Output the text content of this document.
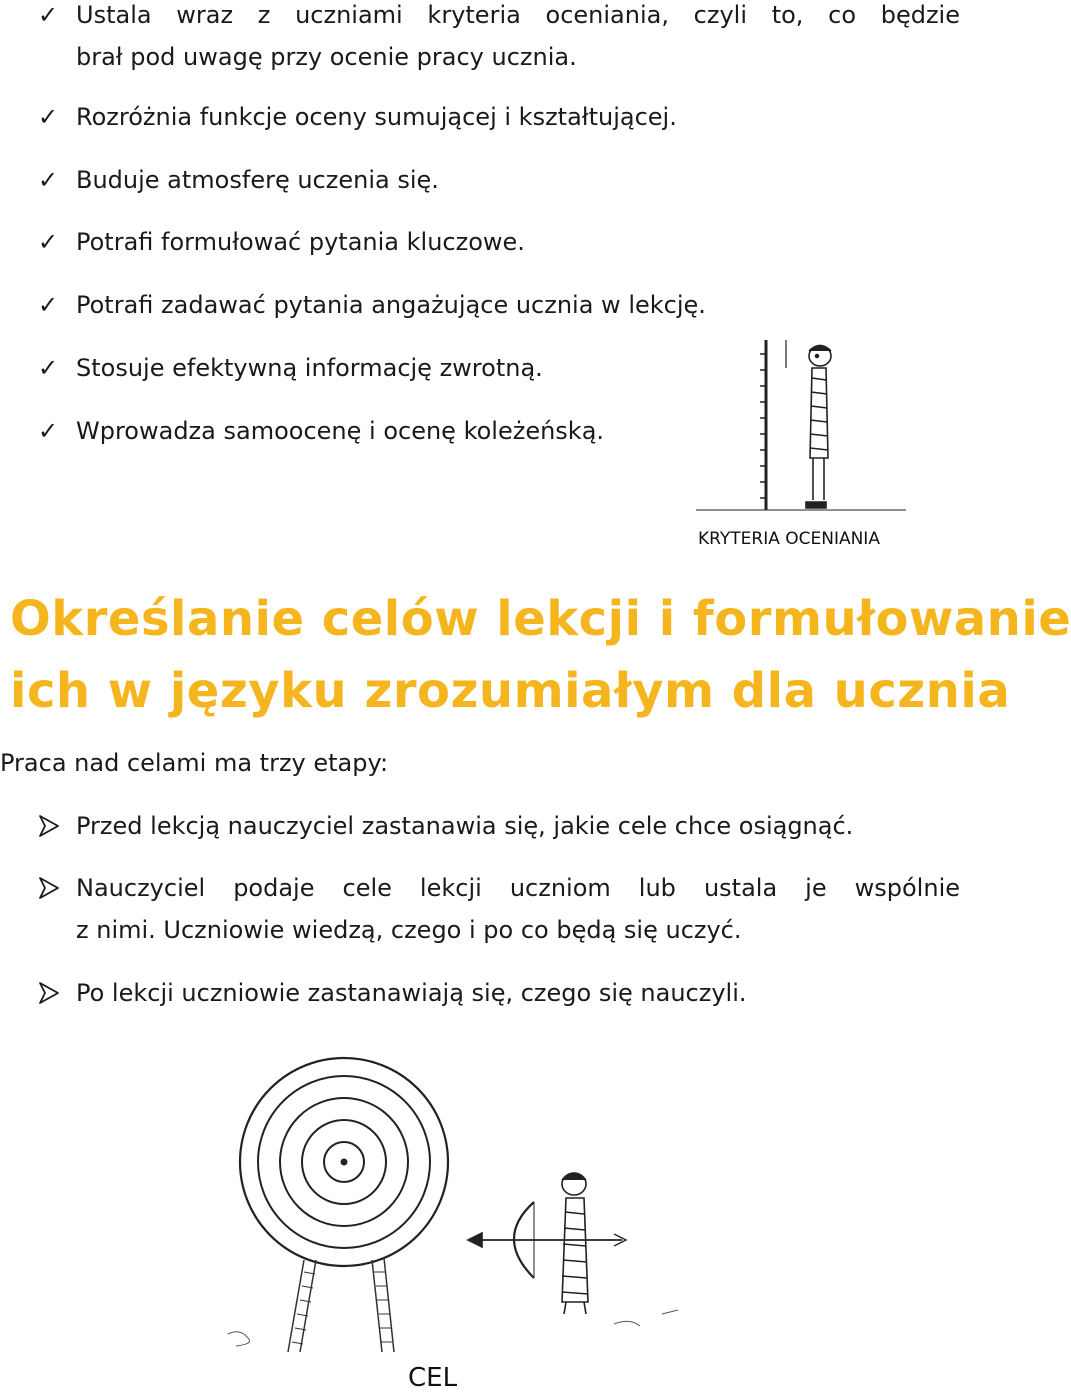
✓ Ustala wraz z uczniami kryteria oceniania, czyli to, co będzie
brał pod uwagę przy ocenie pracy ucznia.
✓ Rozróżnia funkcje oceny sumującej i kształtującej.
✓ Buduje atmosferę uczenia się.
✓ Potrafi formułować pytania kluczowe.
✓ Potrafi zadawać pytania angażujące ucznia w lekcję.
✓ Stosuje efektywną informację zwrotną.
✓ Wprowadza samoocenę i ocenę koleżeńską.
KRYTERIA OCENIANIA
Określanie celów lekcji i formułowanie
ich w języku zrozumiałym dla ucznia
Praca nad celami ma trzy etapy:
Przed lekcją nauczyciel zastanawia się, jakie cele chce osiągnąć.
Nauczyciel podaje cele lekcji uczniom lub ustala je wspólnie
z nimi. Uczniowie wiedzą, czego i po co będą się uczyć.
Po lekcji uczniowie zastanawiają się, czego się nauczyli.
CEL
